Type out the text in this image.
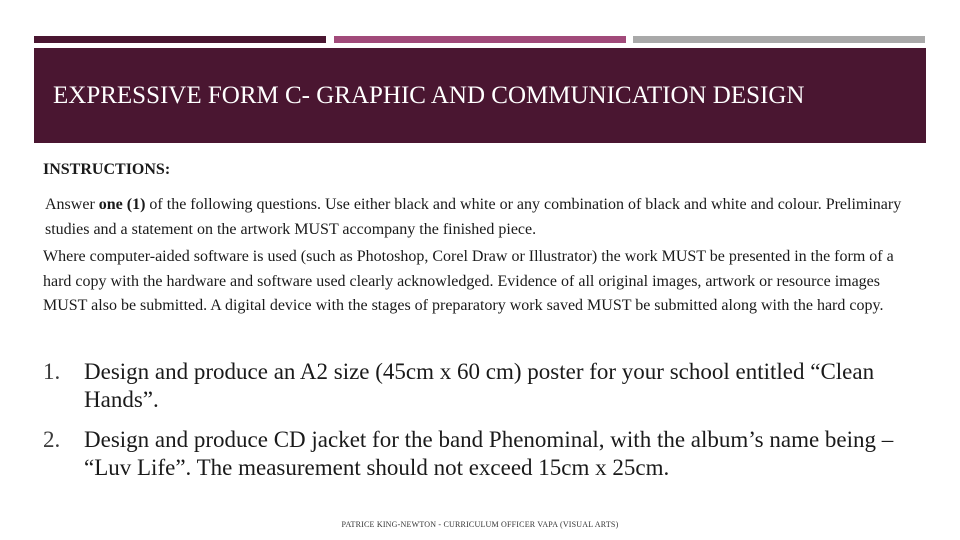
EXPRESSIVE FORM C- GRAPHIC AND COMMUNICATION DESIGN
INSTRUCTIONS:

Answer one (1) of the following questions. Use either black and white or any combination of black and white and colour. Preliminary studies and a statement on the artwork MUST accompany the finished piece.

Where computer-aided software is used (such as Photoshop, Corel Draw or Illustrator) the work MUST be presented in the form of a hard copy with the hardware and software used clearly acknowledged. Evidence of all original images, artwork or resource images MUST also be submitted. A digital device with the stages of preparatory work saved MUST be submitted along with the hard copy.

1.	Design and produce an A2 size (45cm x 60 cm) poster for your school entitled “Clean Hands”.
2.	Design and produce CD jacket for the band Phenominal, with the album’s name being – “Luv Life”. The measurement should not exceed 15cm x 25cm.
PATRICE KING-NEWTON - CURRICULUM OFFICER VAPA (VISUAL ARTS)
